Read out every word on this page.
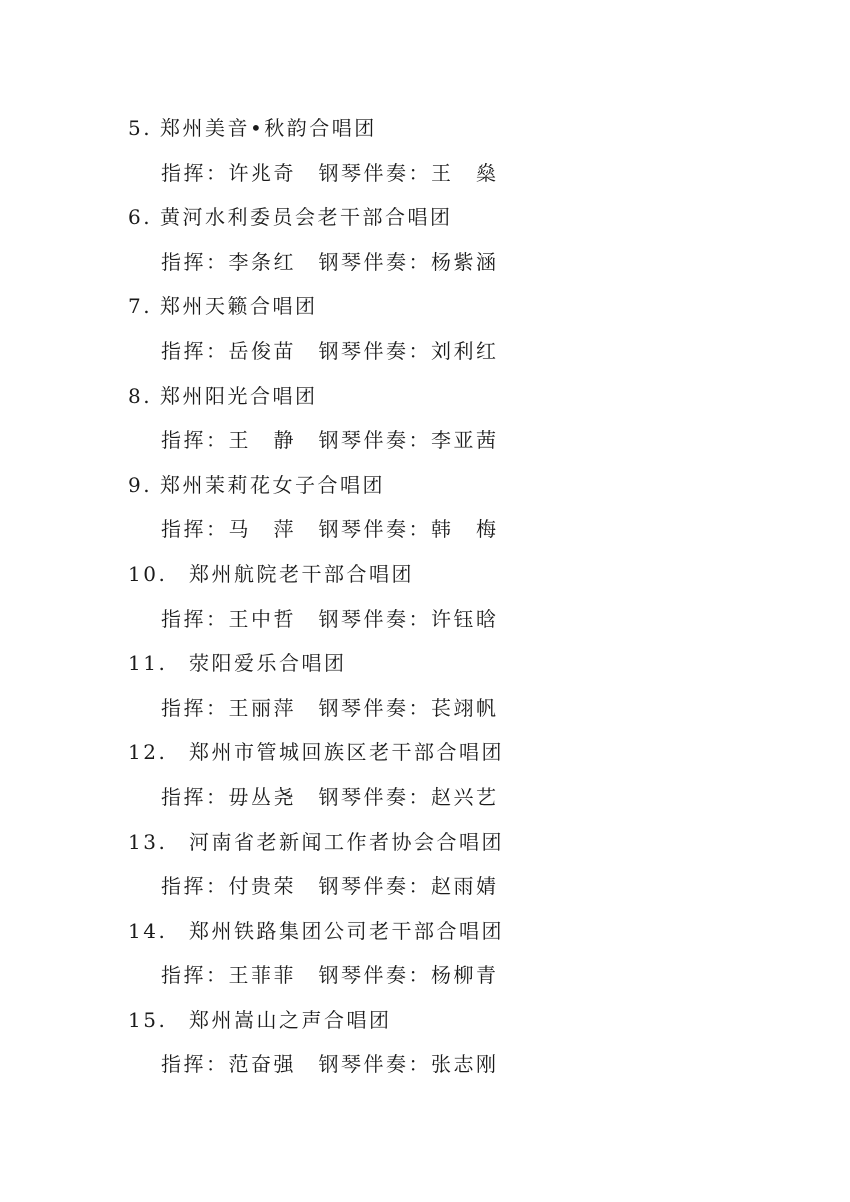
5. 郑州美音•秋韵合唱团
指挥：许兆奇　 钢琴伴奏：王　燊
6. 黄河水利委员会老干部合唱团
指挥：李条红　 钢琴伴奏：杨紫涵
7. 郑州天籁合唱团
指挥：岳俊苗　 钢琴伴奏：刘利红
8. 郑州阳光合唱团
指挥：王　静　 钢琴伴奏：李亚茜
9. 郑州茉莉花女子合唱团
指挥：马　萍　 钢琴伴奏：韩　梅
10. 郑州航院老干部合唱团
指挥：王中哲　 钢琴伴奏：许钰晗
11. 荥阳爱乐合唱团
指挥：王丽萍　 钢琴伴奏：苌翊帆
12. 郑州市管城回族区老干部合唱团
指挥：毋丛尧　 钢琴伴奏：赵兴艺
13. 河南省老新闻工作者协会合唱团
指挥：付贵荣　 钢琴伴奏：赵雨婧
14. 郑州铁路集团公司老干部合唱团
指挥：王菲菲　 钢琴伴奏：杨柳青
15. 郑州嵩山之声合唱团
指挥：范奋强　 钢琴伴奏：张志刚
